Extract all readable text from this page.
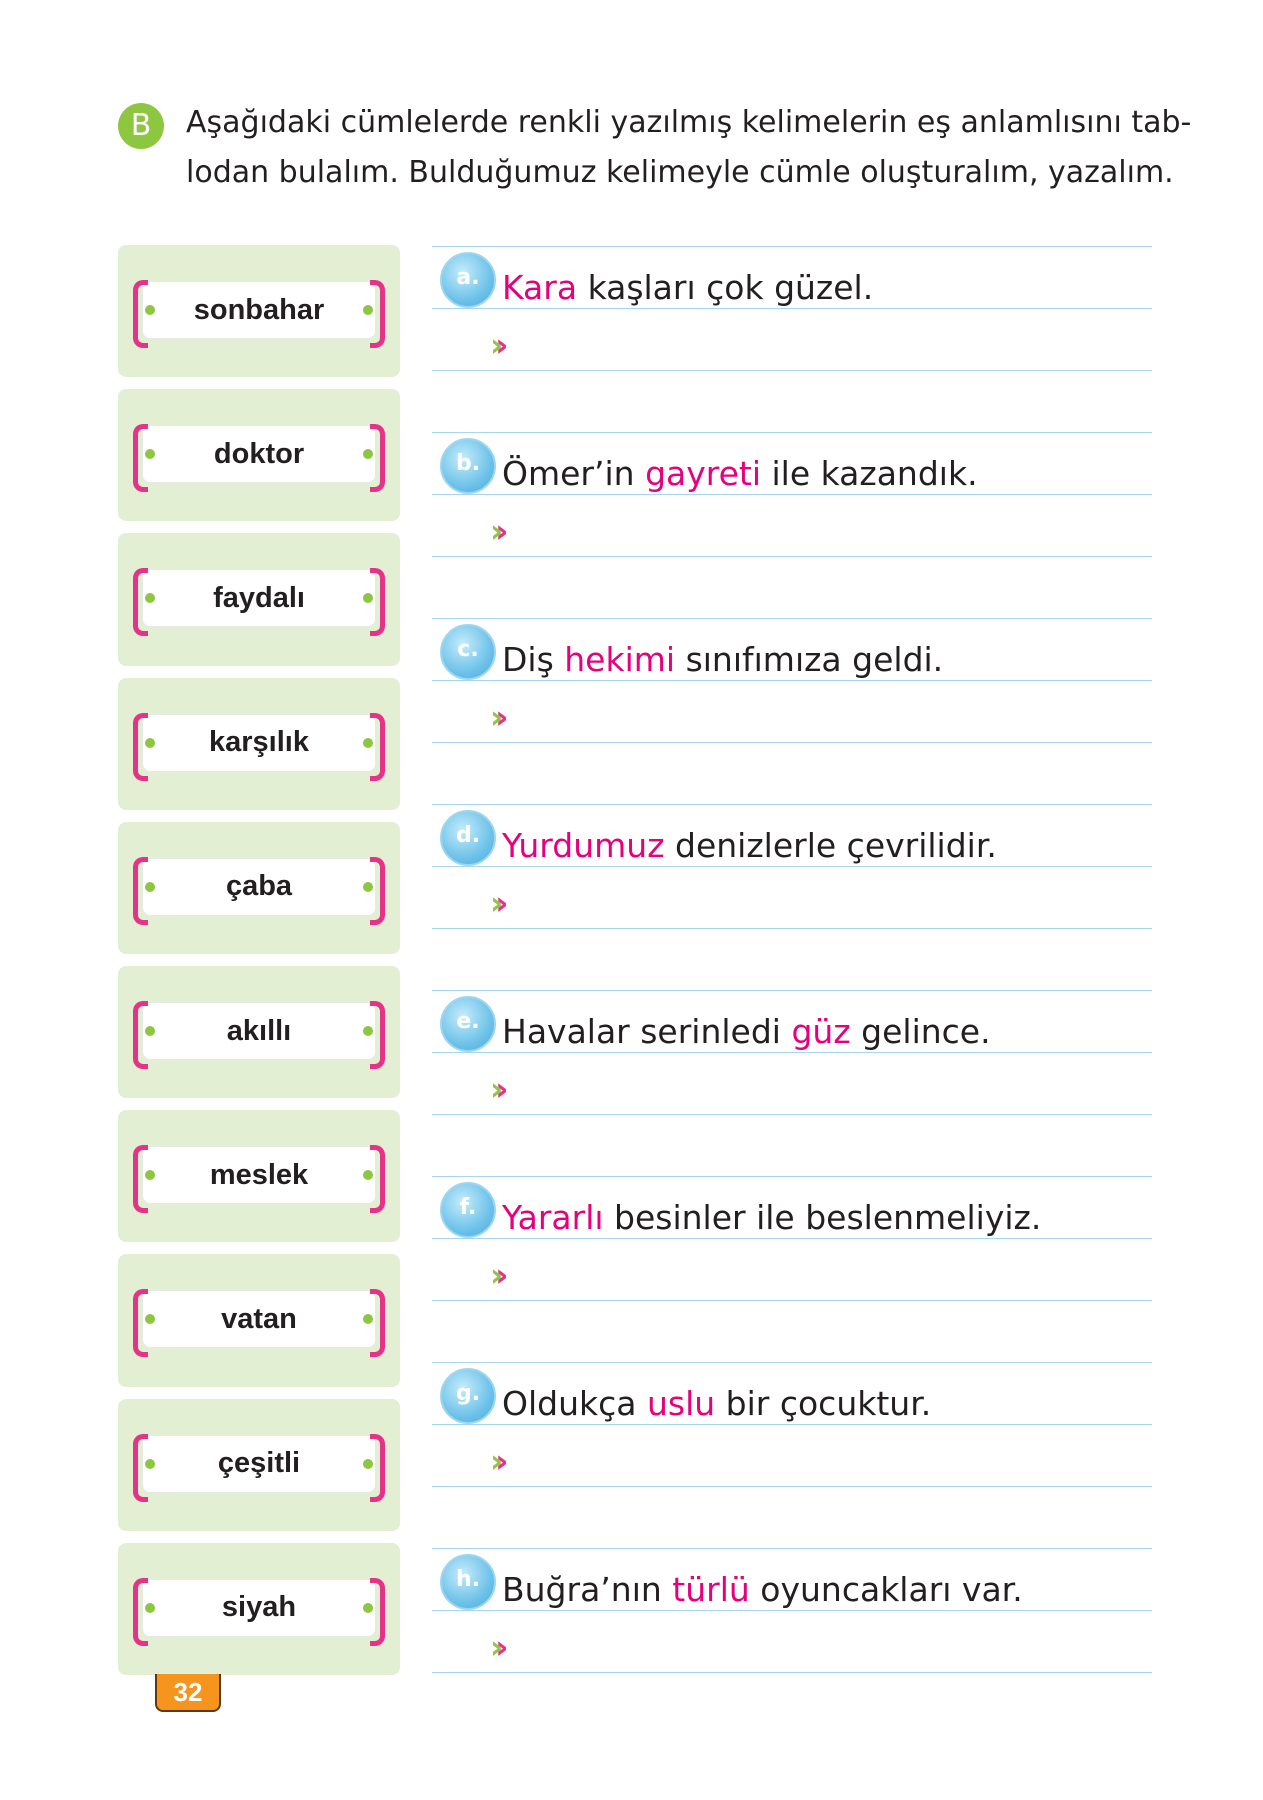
B	Aşağıdaki cümlelerde renkli yazılmış kelimelerin eş anlamlısını tab-
lodan bulalım. Bulduğumuz kelimeyle cümle oluşturalım, yazalım.
sonbahar
doktor
faydalı
karşılık
çaba
akıllı
meslek
vatan
çeşitli
siyah
32
a. Kara kaşları çok güzel.
››
b. Ömer’in gayreti ile kazandık.
››
c. Diş hekimi sınıfımıza geldi.
››
d. Yurdumuz denizlerle çevrilidir.
››
e. Havalar serinledi güz gelince.
››
f. Yararlı besinler ile beslenmeliyiz.
››
g. Oldukça uslu bir çocuktur.
››
h. Buğra’nın türlü oyuncakları var.
››
